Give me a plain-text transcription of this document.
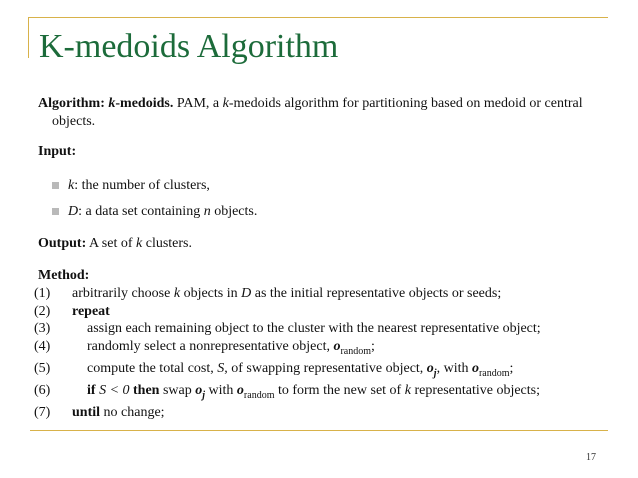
K-medoids Algorithm

Algorithm: k-medoids. PAM, a k-medoids algorithm for partitioning based on medoid or central objects.

Input:

k: the number of clusters,
D: a data set containing n objects.

Output: A set of k clusters.

Method:

(1) arbitrarily choose k objects in D as the initial representative objects or seeds;
(2) repeat
(3)	assign each remaining object to the cluster with the nearest representative object;
(4)	randomly select a nonrepresentative object, $o_{random}$;
(5)	compute the total cost, S, of swapping representative object, $o_j$, with $o_{random}$;
(6)	if S < 0 then swap $o_j$ with $o_{random}$ to form the new set of k representative objects;
(7) until no change;
17
